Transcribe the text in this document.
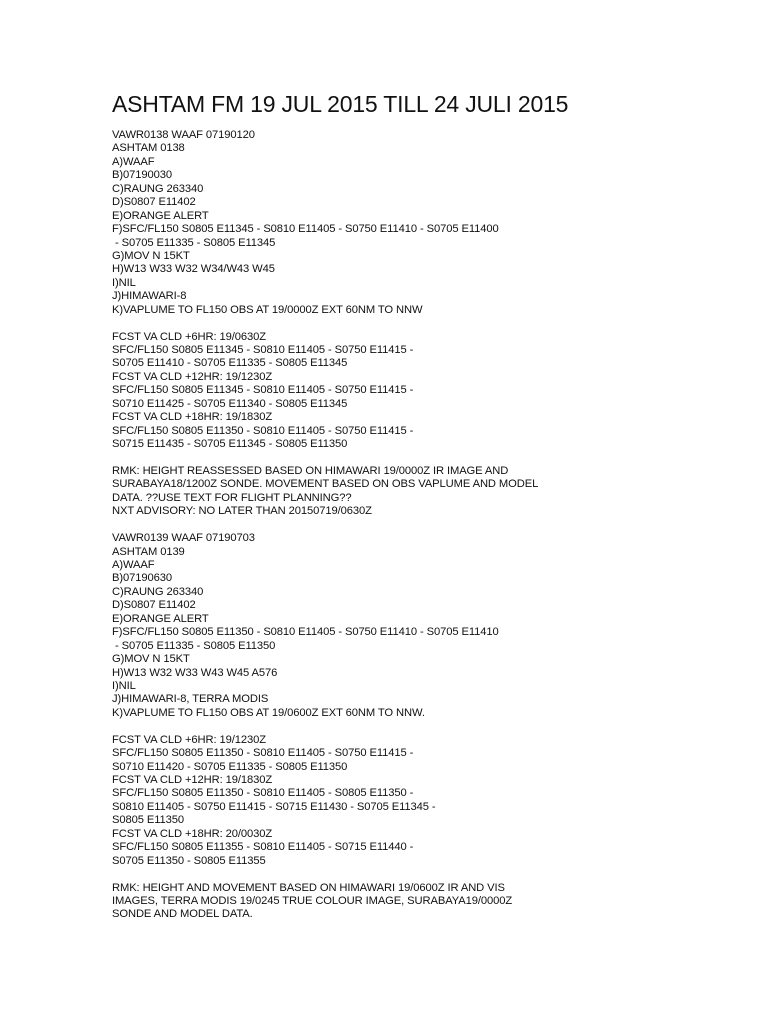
ASHTAM FM 19 JUL 2015 TILL 24 JULI 2015
VAWR0138 WAAF 07190120
ASHTAM 0138
A)WAAF
B)07190030
C)RAUNG 263340
D)S0807 E11402
E)ORANGE ALERT
F)SFC/FL150 S0805 E11345 - S0810 E11405 - S0750 E11410 - S0705 E11400
- S0705 E11335 - S0805 E11345
G)MOV N 15KT
H)W13 W33 W32 W34/W43 W45
I)NIL
J)HIMAWARI-8
K)VAPLUME TO FL150 OBS AT 19/0000Z EXT 60NM TO NNW
FCST VA CLD +6HR: 19/0630Z
SFC/FL150 S0805 E11345 - S0810 E11405 - S0750 E11415 -
S0705 E11410 - S0705 E11335 - S0805 E11345
FCST VA CLD +12HR: 19/1230Z
SFC/FL150 S0805 E11345 - S0810 E11405 - S0750 E11415 -
S0710 E11425 - S0705 E11340 - S0805 E11345
FCST VA CLD +18HR: 19/1830Z
SFC/FL150 S0805 E11350 - S0810 E11405 - S0750 E11415 -
S0715 E11435 - S0705 E11345 - S0805 E11350
RMK: HEIGHT REASSESSED BASED ON HIMAWARI 19/0000Z IR IMAGE AND
SURABAYA18/1200Z SONDE. MOVEMENT BASED ON OBS VAPLUME AND MODEL
DATA. ??USE TEXT FOR FLIGHT PLANNING??
NXT ADVISORY: NO LATER THAN 20150719/0630Z
VAWR0139 WAAF 07190703
ASHTAM 0139
A)WAAF
B)07190630
C)RAUNG 263340
D)S0807 E11402
E)ORANGE ALERT
F)SFC/FL150 S0805 E11350 - S0810 E11405 - S0750 E11410 - S0705 E11410
- S0705 E11335 - S0805 E11350
G)MOV N 15KT
H)W13 W32 W33 W43 W45 A576
I)NIL
J)HIMAWARI-8, TERRA MODIS
K)VAPLUME TO FL150 OBS AT 19/0600Z EXT 60NM TO NNW.
FCST VA CLD +6HR: 19/1230Z
SFC/FL150 S0805 E11350 - S0810 E11405 - S0750 E11415 -
S0710 E11420 - S0705 E11335 - S0805 E11350
FCST VA CLD +12HR: 19/1830Z
SFC/FL150 S0805 E11350 - S0810 E11405 - S0805 E11350 -
S0810 E11405 - S0750 E11415 - S0715 E11430 - S0705 E11345 -
S0805 E11350
FCST VA CLD +18HR: 20/0030Z
SFC/FL150 S0805 E11355 - S0810 E11405 - S0715 E11440 -
S0705 E11350 - S0805 E11355
RMK: HEIGHT AND MOVEMENT BASED ON HIMAWARI 19/0600Z IR AND VIS
IMAGES, TERRA MODIS 19/0245 TRUE COLOUR IMAGE, SURABAYA19/0000Z
SONDE AND MODEL DATA.
